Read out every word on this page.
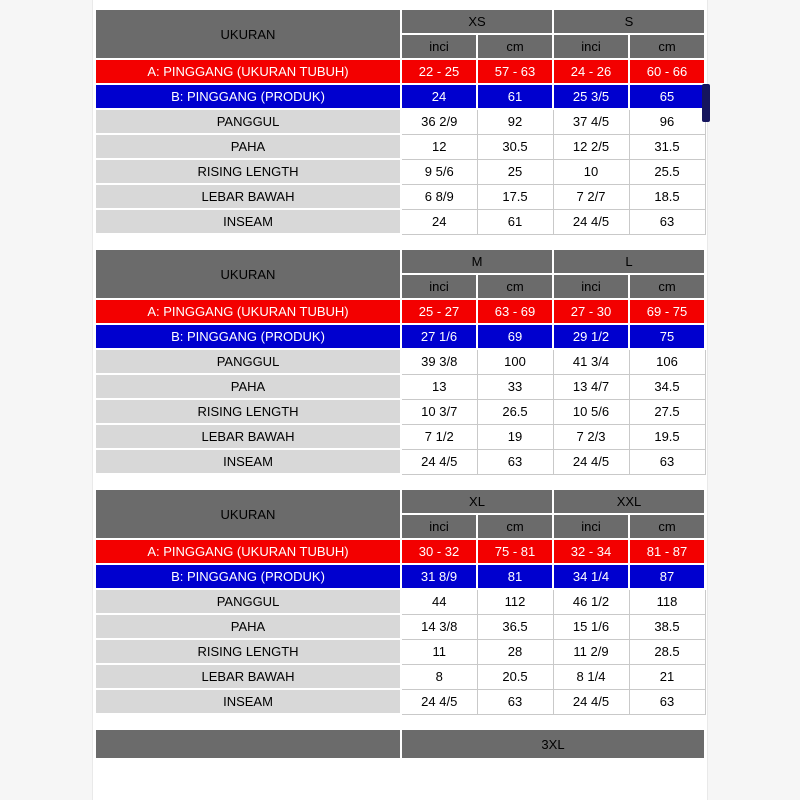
UKURAN	XS		S	
	inci	cm	inci	cm
A: PINGGANG (UKURAN TUBUH)	22 - 25	57 - 63	24 - 26	60 - 66
B: PINGGANG (PRODUK)	24	61	25 3/5	65
PANGGUL	36 2/9	92	37 4/5	96
PAHA	12	30.5	12 2/5	31.5
RISING LENGTH	9 5/6	25	10	25.5
LEBAR BAWAH	6 8/9	17.5	7 2/7	18.5
INSEAM	24	61	24 4/5	63
UKURAN	M		L	
	inci	cm	inci	cm
A: PINGGANG (UKURAN TUBUH)	25 - 27	63 - 69	27 - 30	69 - 75
B: PINGGANG (PRODUK)	27 1/6	69	29 1/2	75
PANGGUL	39 3/8	100	41 3/4	106
PAHA	13	33	13 4/7	34.5
RISING LENGTH	10 3/7	26.5	10 5/6	27.5
LEBAR BAWAH	7 1/2	19	7 2/3	19.5
INSEAM	24 4/5	63	24 4/5	63
UKURAN	XL		XXL	
	inci	cm	inci	cm
A: PINGGANG (UKURAN TUBUH)	30 - 32	75 - 81	32 - 34	81 - 87
B: PINGGANG (PRODUK)	31 8/9	81	34 1/4	87
PANGGUL	44	112	46 1/2	118
PAHA	14 3/8	36.5	15 1/6	38.5
RISING LENGTH	11	28	11 2/9	28.5
LEBAR BAWAH	8	20.5	8 1/4	21
INSEAM	24 4/5	63	24 4/5	63
	3XL
